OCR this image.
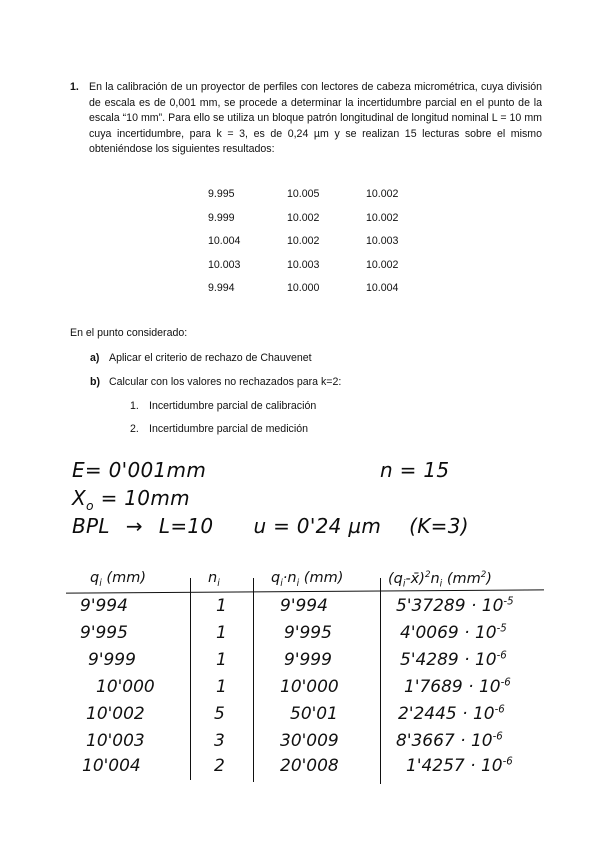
1. En la calibración de un proyector de perfiles con lectores de cabeza micrométrica, cuya división de escala es de 0,001 mm, se procede a determinar la incertidumbre parcial en el punto de la escala “10 mm”. Para ello se utiliza un bloque patrón longitudinal de longitud nominal L = 10 mm cuya incertidumbre, para k = 3, es de 0,24 µm y se realizan 15 lecturas sobre el mismo obteniéndose los siguientes resultados:
9.995	10.005	10.002
9.999	10.002	10.002
10.004	10.002	10.003
10.003	10.003	10.002
9.994	10.000	10.004
En el punto considerado:
a) Aplicar el criterio de rechazo de Chauvenet
b) Calcular con los valores no rechazados para k=2:
1. Incertidumbre parcial de calibración
2. Incertidumbre parcial de medición
E= 0'001mm	n = 15
$X_o = 10mm$
BPL → L=10 u = 0'24 µm (K=3)
$q_i$ (mm)	$n_i$	$q_i\cdot n_i$ (mm)	$(q_i-x̄)^2n_i$ $(mm^2)$
9'994	1	9'994	$5'37289 \cdot 10^{-5}$
9'995	1	9'995	$4'0069 \cdot 10^{-5}$
9'999	1	9'999	$5'4289 \cdot 10^{-6}$
10'000	1	10'000	$1'7689 \cdot 10^{-6}$
10'002	5	50'01	$2'2445 \cdot 10^{-6}$
10'003	3	30'009	$8'3667 \cdot 10^{-6}$
10'004	2	20'008	$1'4257 \cdot 10^{-6}$
